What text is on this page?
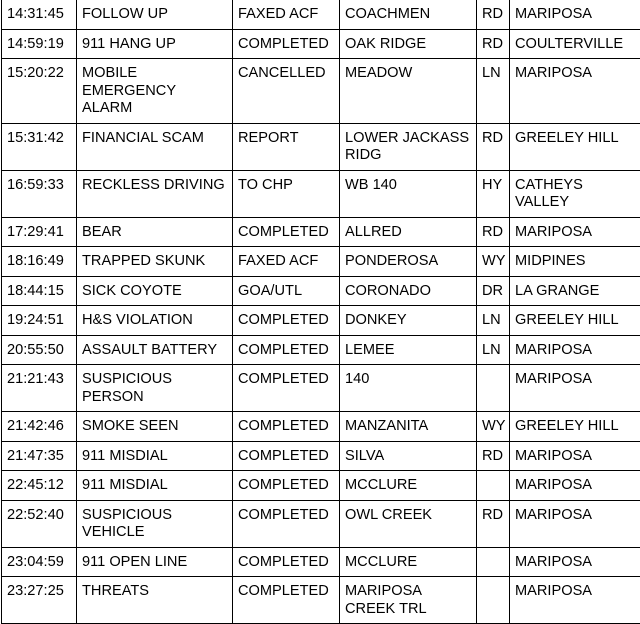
14:31:45	FOLLOW UP	FAXED ACF	COACHMEN	RD	MARIPOSA
14:59:19	911 HANG UP	COMPLETED	OAK RIDGE	RD	COULTERVILLE
15:20:22	MOBILE EMERGENCY ALARM	CANCELLED	MEADOW	LN	MARIPOSA
15:31:42	FINANCIAL SCAM	REPORT	LOWER JACKASS RIDG	RD	GREELEY HILL
16:59:33	RECKLESS DRIVING	TO CHP	WB 140	HY	CATHEYS VALLEY
17:29:41	BEAR	COMPLETED	ALLRED	RD	MARIPOSA
18:16:49	TRAPPED SKUNK	FAXED ACF	PONDEROSA	WY	MIDPINES
18:44:15	SICK COYOTE	GOA/UTL	CORONADO	DR	LA GRANGE
19:24:51	H&S VIOLATION	COMPLETED	DONKEY	LN	GREELEY HILL
20:55:50	ASSAULT BATTERY	COMPLETED	LEMEE	LN	MARIPOSA
21:21:43	SUSPICIOUS PERSON	COMPLETED	140		MARIPOSA
21:42:46	SMOKE SEEN	COMPLETED	MANZANITA	WY	GREELEY HILL
21:47:35	911 MISDIAL	COMPLETED	SILVA	RD	MARIPOSA
22:45:12	911 MISDIAL	COMPLETED	MCCLURE		MARIPOSA
22:52:40	SUSPICIOUS VEHICLE	COMPLETED	OWL CREEK	RD	MARIPOSA
23:04:59	911 OPEN LINE	COMPLETED	MCCLURE		MARIPOSA
23:27:25	THREATS	COMPLETED	MARIPOSA CREEK TRL		MARIPOSA
